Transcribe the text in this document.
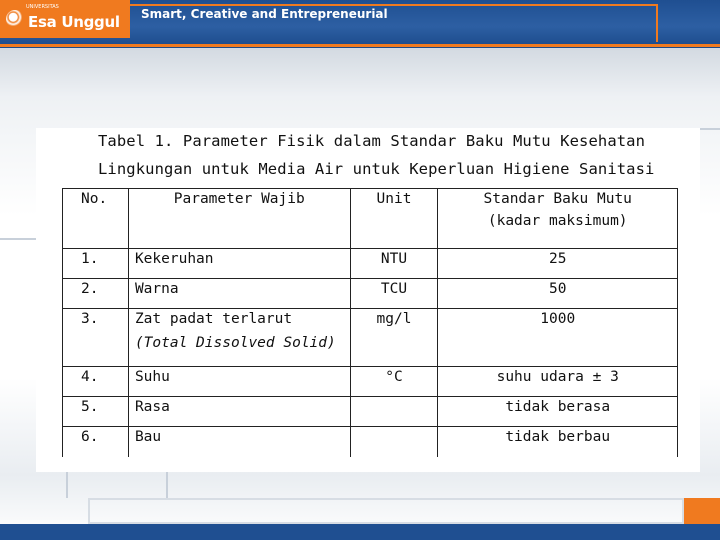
UNIVERSITAS
Esa Unggul Smart, Creative and Entrepreneurial
Tabel 1. Parameter Fisik dalam Standar Baku Mutu Kesehatan
Lingkungan untuk Media Air untuk Keperluan Higiene Sanitasi
No.	Parameter Wajib	Unit	Standar Baku Mutu
(kadar maksimum)

1.	Kekeruhan	NTU	25
2.	Warna	TCU	50
3.	Zat padat terlarut
(Total Dissolved Solid)	mg/l	1000
4.	Suhu	°C	suhu udara ± 3
5.	Rasa		tidak berasa
6.	Bau		tidak berbau
